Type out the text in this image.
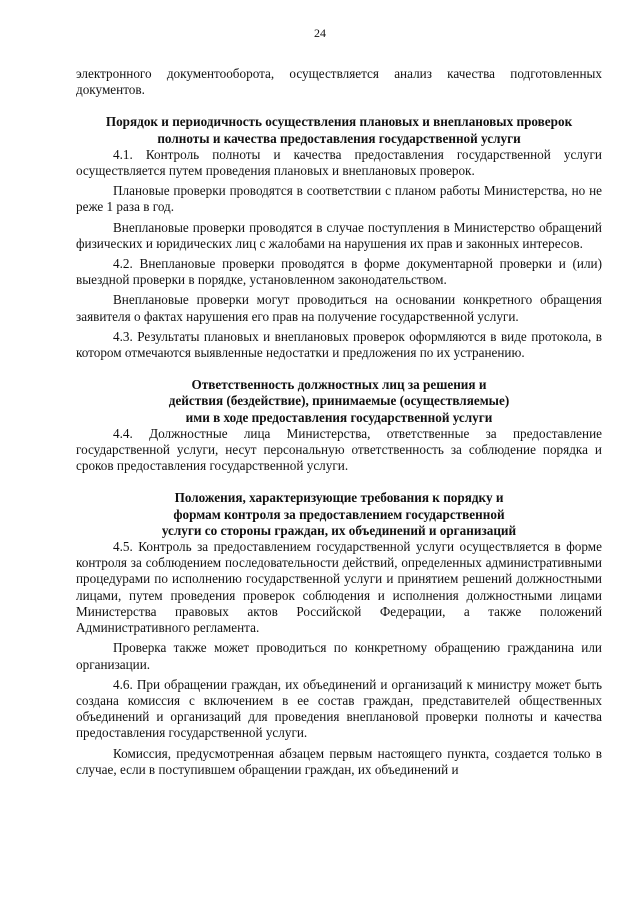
24

электронного документооборота, осуществляется анализ качества подготовленных документов.

Порядок и периодичность осуществления плановых и внеплановых проверок
полноты и качества предоставления государственной услуги

4.1. Контроль полноты и качества предоставления государственной услуги осуществляется путем проведения плановых и внеплановых проверок.

Плановые проверки проводятся в соответствии с планом работы Министерства, но не реже 1 раза в год.

Внеплановые проверки проводятся в случае поступления в Министерство обращений физических и юридических лиц с жалобами на нарушения их прав и законных интересов.

4.2. Внеплановые проверки проводятся в форме документарной проверки и (или) выездной проверки в порядке, установленном законодательством.

Внеплановые проверки могут проводиться на основании конкретного обращения заявителя о фактах нарушения его прав на получение государственной услуги.

4.3. Результаты плановых и внеплановых проверок оформляются в виде протокола, в котором отмечаются выявленные недостатки и предложения по их устранению.

Ответственность должностных лиц за решения и
действия (бездействие), принимаемые (осуществляемые)
ими в ходе предоставления государственной услуги

4.4. Должностные лица Министерства, ответственные за предоставление государственной услуги, несут персональную ответственность за соблюдение порядка и сроков предоставления государственной услуги.

Положения, характеризующие требования к порядку и
формам контроля за предоставлением государственной
услуги со стороны граждан, их объединений и организаций

4.5. Контроль за предоставлением государственной услуги осуществляется в форме контроля за соблюдением последовательности действий, определенных административными процедурами по исполнению государственной услуги и принятием решений должностными лицами, путем проведения проверок соблюдения и исполнения должностными лицами Министерства правовых актов Российской Федерации, а также положений Административного регламента.

Проверка также может проводиться по конкретному обращению гражданина или организации.

4.6. При обращении граждан, их объединений и организаций к министру может быть создана комиссия с включением в ее состав граждан, представителей общественных объединений и организаций для проведения внеплановой проверки полноты и качества предоставления государственной услуги.

Комиссия, предусмотренная абзацем первым настоящего пункта, создается только в случае, если в поступившем обращении граждан, их объединений и
